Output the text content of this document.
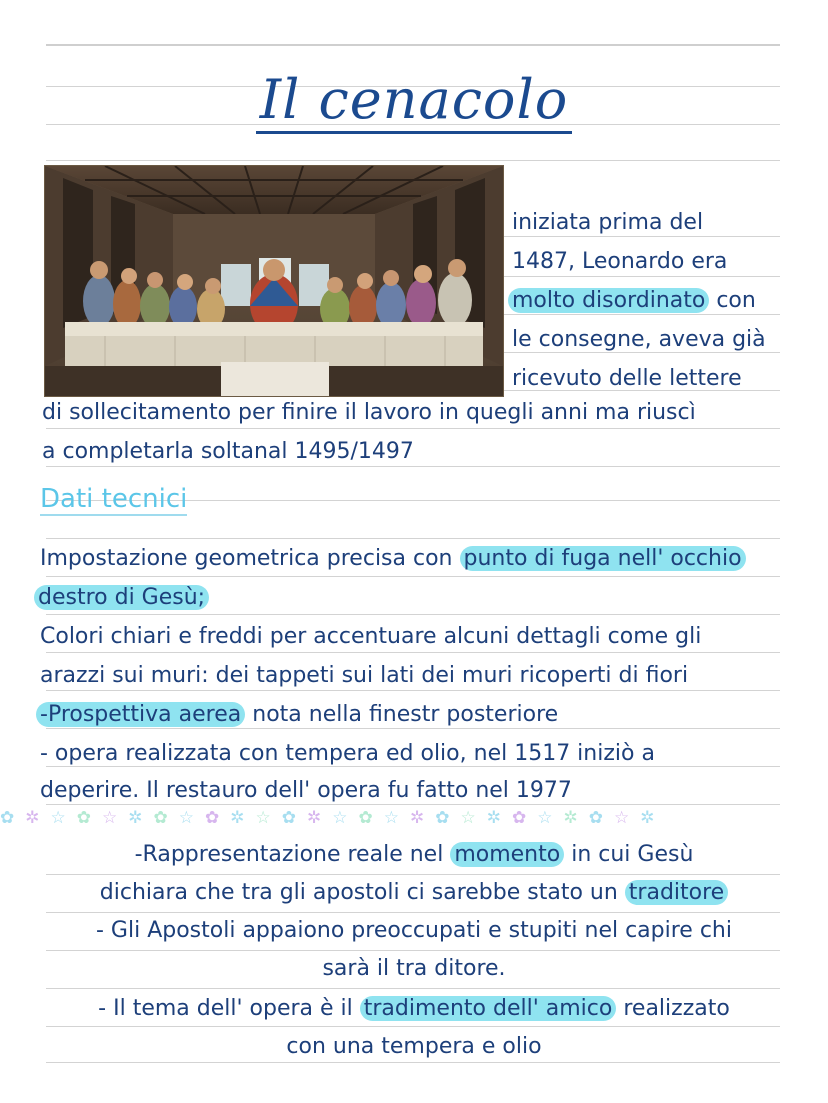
Il cenacolo
iniziata prima del
1487, Leonardo era
molto disordinato con
le consegne, aveva già
ricevuto delle lettere
di sollecitamento per finire il lavoro in quegli anni ma riuscì
a completarla soltanal 1495/1497
Dati tecnici
Impostazione geometrica precisa con punto di fuga nell' occhio
destro di Gesù;
Colori chiari e freddi per accentuare alcuni dettagli come gli
arazzi sui muri: dei tappeti sui lati dei muri ricoperti di fiori
-Prospettiva aerea nota nella finestr posteriore
- opera realizzata con tempera ed olio, nel 1517 iniziò a
deperire. Il restauro dell' opera fu fatto nel 1977
✿✲☆✿☆✲✿☆✿✲☆✿✲☆✿☆✲✿☆✲✿☆✲✿☆✲
-Rappresentazione reale nel momento in cui Gesù
dichiara che tra gli apostoli ci sarebbe stato un traditore
- Gli Apostoli appaiono preoccupati e stupiti nel capire chi
sarà il tra ditore.
- Il tema dell' opera è il tradimento dell' amico realizzato
con una tempera e olio
